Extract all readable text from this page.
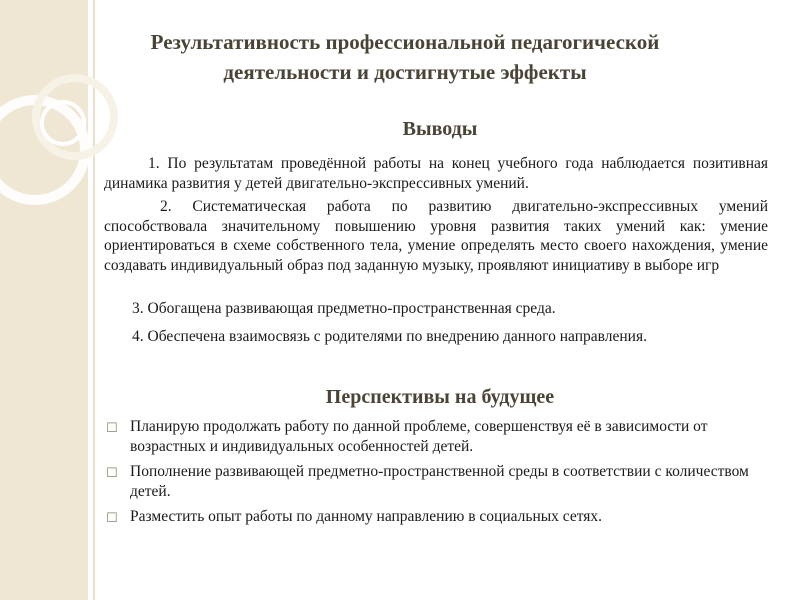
Результативность профессиональной педагогической
деятельности и достигнутые эффекты
Выводы

1. По результатам проведённой работы на конец учебного года наблюдается позитивная динамика развития у детей двигательно-экспрессивных умений.

2. Систематическая работа по развитию двигательно-экспрессивных умений способствовала значительному повышению уровня развития таких умений как: умение ориентироваться в схеме собственного тела, умение определять место своего нахождения, умение создавать индивидуальный образ под заданную музыку, проявляют инициативу в выборе игр

3. Обогащена развивающая предметно-пространственная среда.

4. Обеспечена взаимосвязь с родителями по внедрению данного направления.

Перспективы на будущее
☐ Планирую продолжать работу по данной проблеме, совершенствуя её в зависимости от возрастных и индивидуальных особенностей детей.
☐ Пополнение развивающей предметно-пространственной среды в соответствии с количеством детей.
☐ Разместить опыт работы по данному направлению в социальных сетях.
